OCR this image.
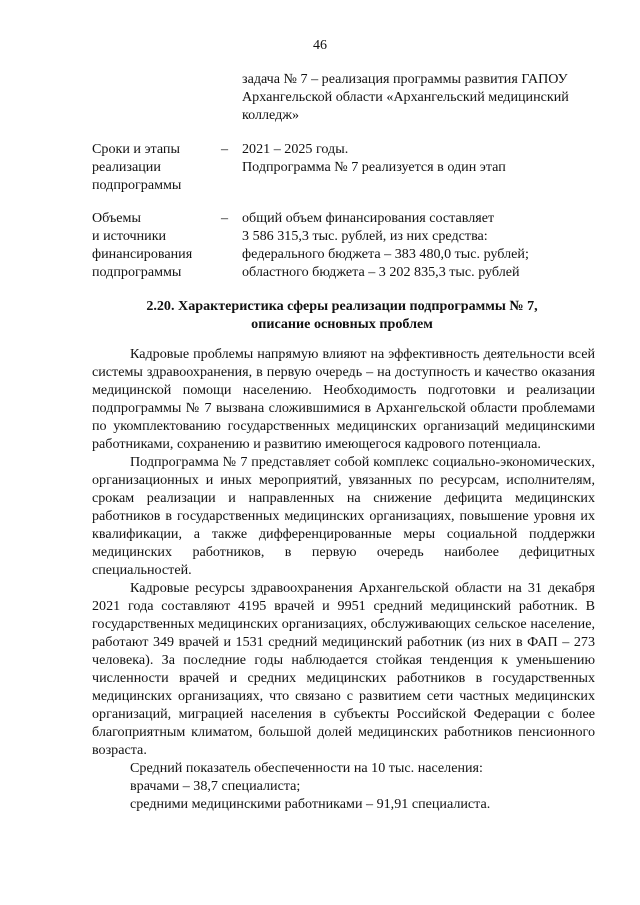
46
задача № 7 – реализация программы развития ГАПОУ
Архангельской области «Архангельский медицинский
колледж»
Сроки и этапы
реализации
подпрограммы
– 2021 – 2025 годы.
Подпрограмма № 7 реализуется в один этап
Объемы
и источники
финансирования
подпрограммы
– общий объем финансирования составляет
3 586 315,3 тыс. рублей, из них средства:
федерального бюджета – 383 480,0 тыс. рублей;
областного бюджета – 3 202 835,3 тыс. рублей
2.20. Характеристика сферы реализации подпрограммы № 7,
описание основных проблем

Кадровые проблемы напрямую влияют на эффективность деятельности всей системы здравоохранения, в первую очередь – на доступность и качество оказания медицинской помощи населению. Необходимость подготовки и реализации подпрограммы № 7 вызвана сложившимися в Архангельской области проблемами по укомплектованию государственных медицинских организаций медицинскими работниками, сохранению и развитию имеющегося кадрового потенциала.

Подпрограмма № 7 представляет собой комплекс социально-экономических, организационных и иных мероприятий, увязанных по ресурсам, исполнителям, срокам реализации и направленных на снижение дефицита медицинских работников в государственных медицинских организациях, повышение уровня их квалификации, а также дифференцированные меры социальной поддержки медицинских работников, в первую очередь наиболее дефицитных специальностей.

Кадровые ресурсы здравоохранения Архангельской области на 31 декабря 2021 года составляют 4195 врачей и 9951 средний медицинский работник. В государственных медицинских организациях, обслуживающих сельское население, работают 349 врачей и 1531 средний медицинский работник (из них в ФАП – 273 человека). За последние годы наблюдается стойкая тенденция к уменьшению численности врачей и средних медицинских работников в государственных медицинских организациях, что связано с развитием сети частных медицинских организаций, миграцией населения в субъекты Российской Федерации с более благоприятным климатом, большой долей медицинских работников пенсионного возраста.

Средний показатель обеспеченности на 10 тыс. населения:

врачами – 38,7 специалиста;

средними медицинскими работниками – 91,91 специалиста.
